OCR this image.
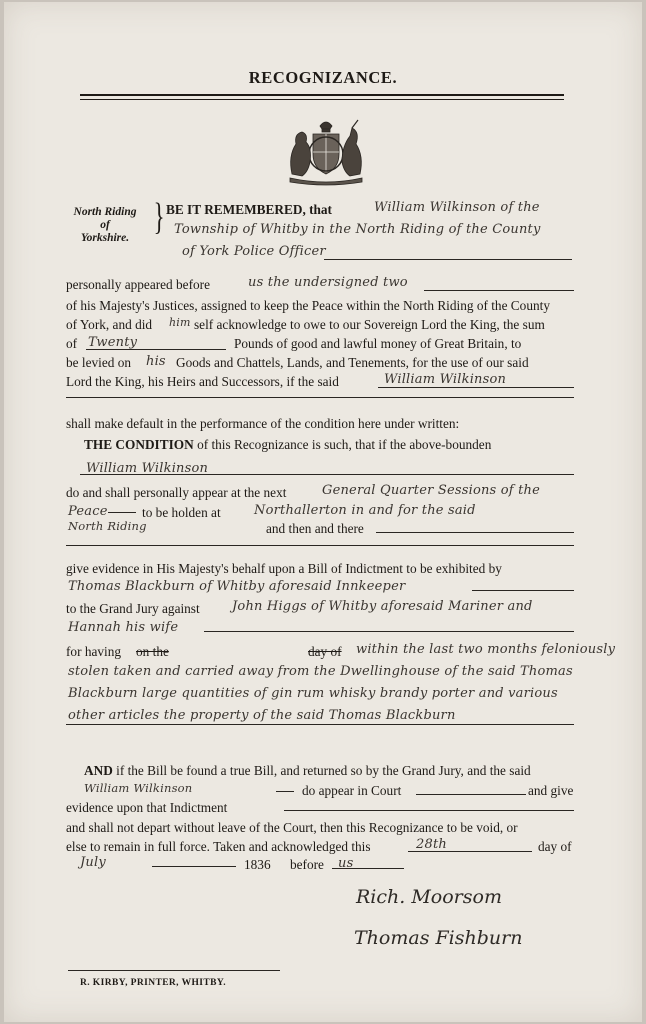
RECOGNIZANCE.
North Riding
of
Yorkshire.
} BE IT REMEMBERED, that	William Wilkinson of the
Township of Whitby in the North Riding of the County
of York Police Officer
personally appeared before	us the undersigned two
of his Majesty's Justices, assigned to keep the Peace within the North Riding of the County
of York, and did him self acknowledge to owe to our Sovereign Lord the King, the sum
of Twenty	Pounds of good and lawful money of Great Britain, to
be levied on his Goods and Chattels, Lands, and Tenements, for the use of our said
Lord the King, his Heirs and Successors, if the said	William Wilkinson
shall make default in the performance of the condition here under written:
THE CONDITION of this Recognizance is such, that if the above-bounden
William Wilkinson
do and shall personally appear at the next	General Quarter Sessions of the
Peace	to be holden at	Northallerton in and for the said
North Riding	and then and there
give evidence in His Majesty's behalf upon a Bill of Indictment to be exhibited by
Thomas Blackburn of Whitby aforesaid Innkeeper
to the Grand Jury against John Higgs of Whitby aforesaid Mariner and
Hannah his wife
for having on the	day of within the last two months feloniously
stolen taken and carried away from the Dwellinghouse of the said Thomas
Blackburn large quantities of gin rum whisky brandy porter and various
other articles the property of the said Thomas Blackburn
AND if the Bill be found a true Bill, and returned so by the Grand Jury, and the said
William Wilkinson	do appear in Court	and give
evidence upon that Indictment
and shall not depart without leave of the Court, then this Recognizance to be void, or
else to remain in full force. Taken and acknowledged this	28th	day of
July	1836 before us
Rich. Moorsom
Thomas Fishburn
R. KIRBY, PRINTER, WHITBY.
